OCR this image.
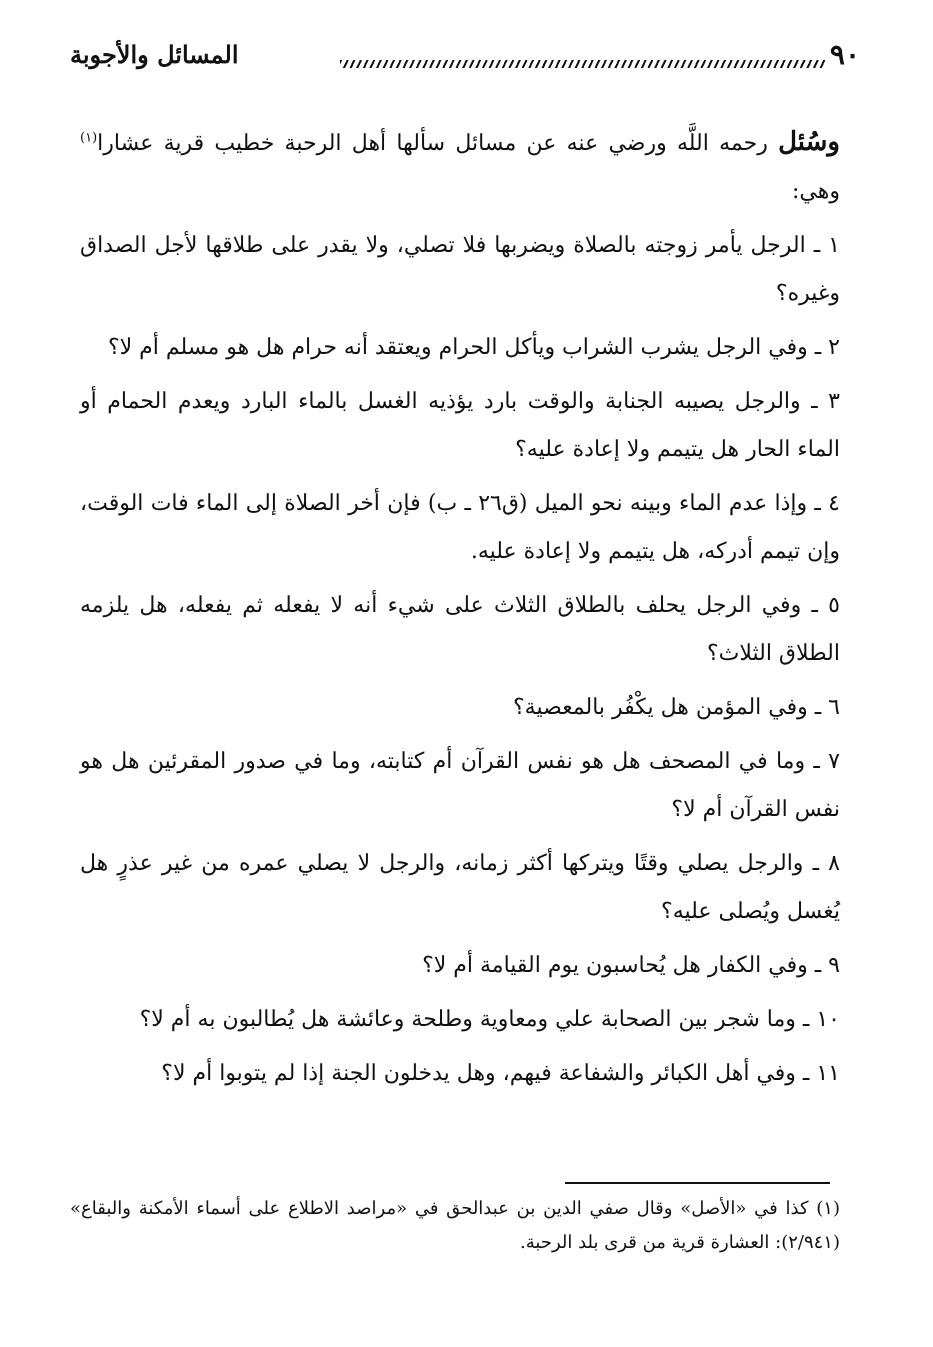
٩٠
المسائل والأجوبة

وسُئل رحمه اللَّه ورضي عنه عن مسائل سألها أهل الرحبة خطيب قرية عشارا$^{(١)}$ وهي:

١ ـ الرجل يأمر زوجته بالصلاة ويضربها فلا تصلي، ولا يقدر على طلاقها لأجل الصداق وغيره؟

٢ ـ وفي الرجل يشرب الشراب ويأكل الحرام ويعتقد أنه حرام هل هو مسلم أم لا؟

٣ ـ والرجل يصيبه الجنابة والوقت بارد يؤذيه الغسل بالماء البارد ويعدم الحمام أو الماء الحار هل يتيمم ولا إعادة عليه؟

٤ ـ وإذا عدم الماء وبينه نحو الميل (ق٢٦ ـ ب) فإن أخر الصلاة إلى الماء فات الوقت، وإن تيمم أدركه، هل يتيمم ولا إعادة عليه.

٥ ـ وفي الرجل يحلف بالطلاق الثلاث على شيء أنه لا يفعله ثم يفعله، هل يلزمه الطلاق الثلاث؟

٦ ـ وفي المؤمن هل يكْفُر بالمعصية؟

٧ ـ وما في المصحف هل هو نفس القرآن أم كتابته، وما في صدور المقرئين هل هو نفس القرآن أم لا؟

٨ ـ والرجل يصلي وقتًا ويتركها أكثر زمانه، والرجل لا يصلي عمره من غير عذرٍ هل يُغسل ويُصلى عليه؟

٩ ـ وفي الكفار هل يُحاسبون يوم القيامة أم لا؟

١٠ ـ وما شجر بين الصحابة علي ومعاوية وطلحة وعائشة هل يُطالبون به أم لا؟

١١ ـ وفي أهل الكبائر والشفاعة فيهم، وهل يدخلون الجنة إذا لم يتوبوا أم لا؟

(١) كذا في «الأصل» وقال صفي الدين بن عبدالحق في «مراصد الاطلاع على أسماء الأمكنة والبقاع» (٢/٩٤١): العشارة قرية من قرى بلد الرحبة.
